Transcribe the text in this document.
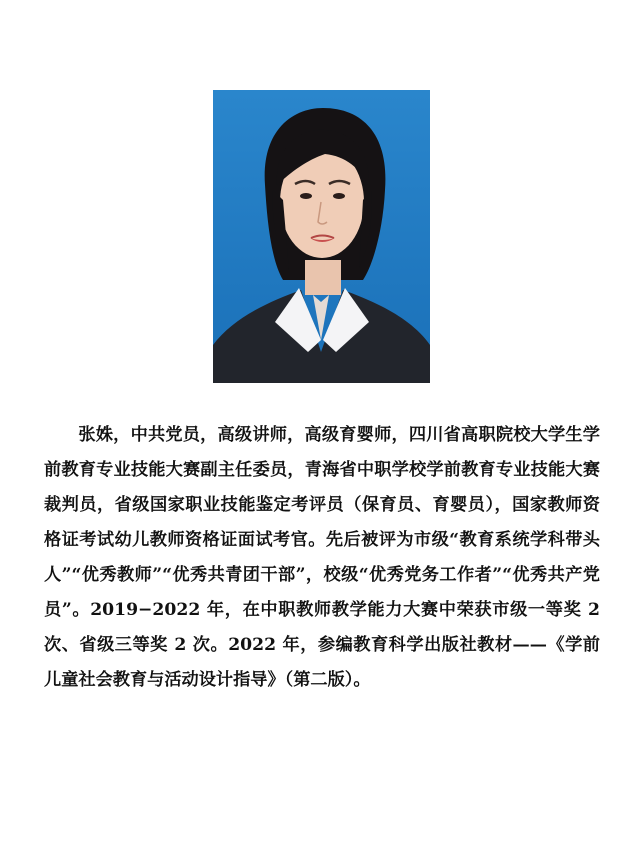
张姝，中共党员，高级讲师，高级育婴师，四川省高职院校大学生学前教育专业技能大赛副主任委员，青海省中职学校学前教育专业技能大赛裁判员，省级国家职业技能鉴定考评员（保育员、育婴员），国家教师资格证考试幼儿教师资格证面试考官。先后被评为市级“教育系统学科带头人”“优秀教师”“优秀共青团干部”，校级“优秀党务工作者”“优秀共产党员”。2019−2022 年，在中职教师教学能力大赛中荣获市级一等奖 2 次、省级三等奖 2 次。2022 年，参编教育科学出版社教材——《学前儿童社会教育与活动设计指导》（第二版）。
